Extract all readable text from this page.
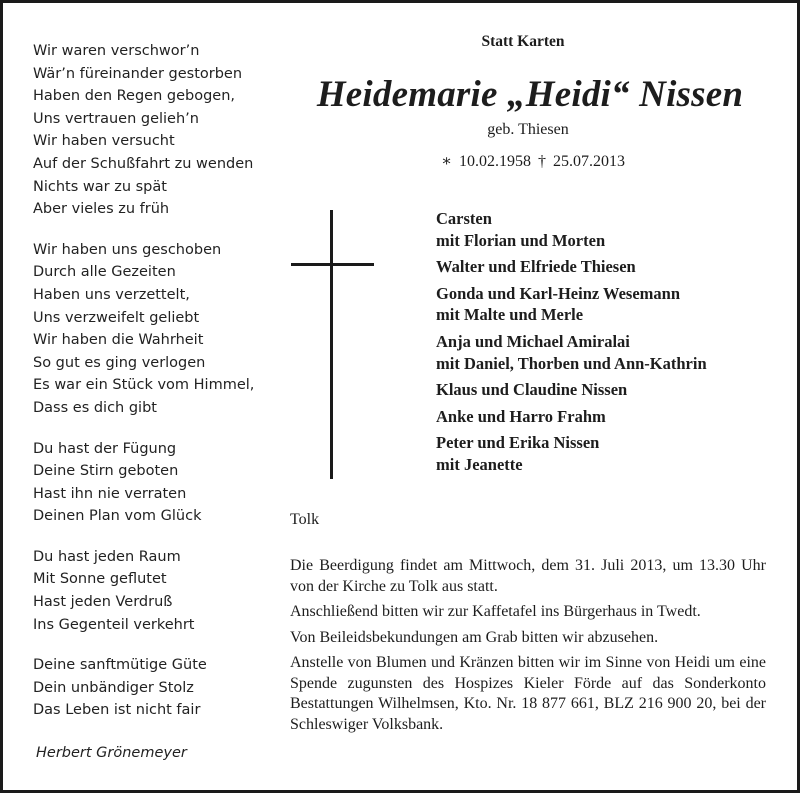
Wir waren verschwor’n
Wär’n füreinander gestorben
Haben den Regen gebogen,
Uns vertrauen gelieh’n
Wir haben versucht
Auf der Schußfahrt zu wenden
Nichts war zu spät
Aber vieles zu früh
Wir haben uns geschoben
Durch alle Gezeiten
Haben uns verzettelt,
Uns verzweifelt geliebt
Wir haben die Wahrheit
So gut es ging verlogen
Es war ein Stück vom Himmel,
Dass es dich gibt
Du hast der Fügung
Deine Stirn geboten
Hast ihn nie verraten
Deinen Plan vom Glück
Du hast jeden Raum
Mit Sonne geflutet
Hast jeden Verdruß
Ins Gegenteil verkehrt
Deine sanftmütige Güte
Dein unbändiger Stolz
Das Leben ist nicht fair
Herbert Grönemeyer
Statt Karten
Heidemarie „Heidi“ Nissen
geb. Thiesen
∗ 10.02.1958 † 25.07.2013
Carsten
mit Florian und Morten
Walter und Elfriede Thiesen
Gonda und Karl-Heinz Wesemann
mit Malte und Merle
Anja und Michael Amiralai
mit Daniel, Thorben und Ann-Kathrin
Klaus und Claudine Nissen
Anke und Harro Frahm
Peter und Erika Nissen
mit Jeanette
Tolk
Die Beerdigung findet am Mittwoch, dem 31. Juli 2013, um 13.30 Uhr von der Kirche zu Tolk aus statt.
Anschließend bitten wir zur Kaffetafel ins Bürgerhaus in Twedt.
Von Beileidsbekundungen am Grab bitten wir abzusehen.
Anstelle von Blumen und Kränzen bitten wir im Sinne von Heidi um eine Spende zugunsten des Hospizes Kieler Förde auf das Sonderkonto Bestattungen Wilhelmsen, Kto. Nr. 18 877 661, BLZ 216 900 20, bei der Schleswiger Volksbank.
